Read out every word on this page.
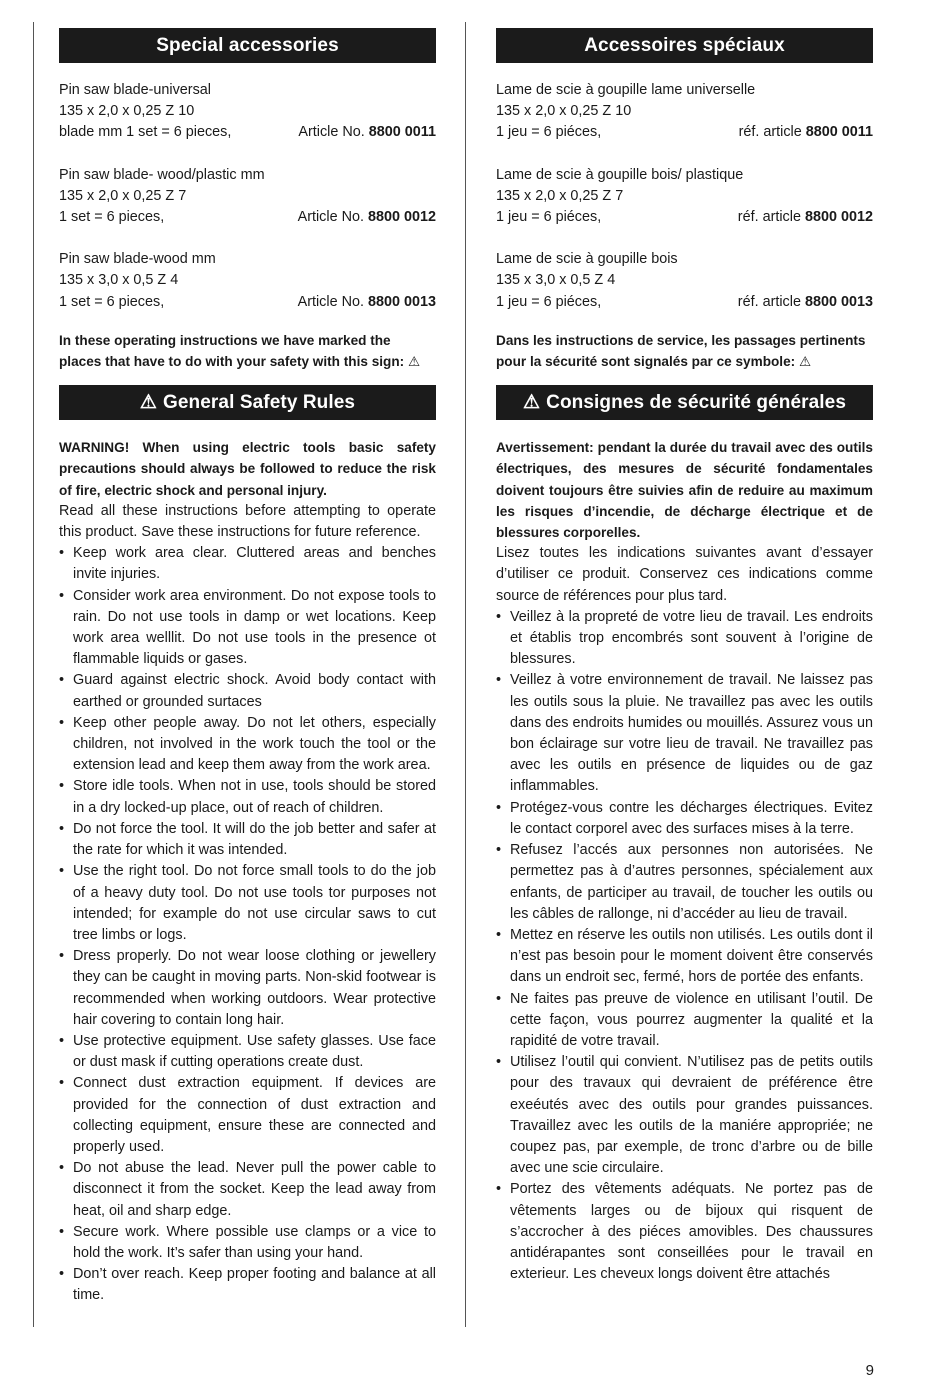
Special accessories
Pin saw blade-universal
135 x 2,0 x 0,25 Z 10
blade mm 1 set = 6 pieces,	Article No. 8800 0011
Pin saw blade- wood/plastic mm
135 x 2,0 x 0,25 Z 7
1 set = 6 pieces,	Article No. 8800 0012
Pin saw blade-wood mm
135 x 3,0 x 0,5 Z 4
1 set = 6 pieces,	Article No. 8800 0013
In these operating instructions we have marked the places that have to do with your safety with this sign: ⚠
⚠ General Safety Rules
WARNING! When using electric tools basic safety precautions should always be followed to reduce the risk of fire, electric shock and personal injury.
Read all these instructions before attempting to operate this product. Save these instructions for future reference.
• Keep work area clear. Cluttered areas and benches invite injuries.
• Consider work area environment. Do not expose tools to rain. Do not use tools in damp or wet locations. Keep work area welllit. Do not use tools in the presence ot flammable liquids or gases.
• Guard against electric shock. Avoid body contact with earthed or grounded surtaces
• Keep other people away. Do not let others, especially children, not involved in the work touch the tool or the extension lead and keep them away from the work area.
• Store idle tools. When not in use, tools should be stored in a dry locked-up place, out of reach of children.
• Do not force the tool. It will do the job better and safer at the rate for which it was intended.
• Use the right tool. Do not force small tools to do the job of a heavy duty tool. Do not use tools tor purposes not intended; for example do not use circular saws to cut tree limbs or logs.
• Dress properly. Do not wear loose clothing or jewellery they can be caught in moving parts. Non-skid footwear is recommended when working outdoors. Wear protective hair covering to contain long hair.
• Use protective equipment. Use safety glasses. Use face or dust mask if cutting operations create dust.
• Connect dust extraction equipment. If devices are provided for the connection of dust extraction and collecting equipment, ensure these are connected and properly used.
• Do not abuse the lead. Never pull the power cable to disconnect it from the socket. Keep the lead away from heat, oil and sharp edge.
• Secure work. Where possible use clamps or a vice to hold the work. It’s safer than using your hand.
• Don’t over reach. Keep proper footing and balance at all time.
Accessoires spéciaux
Lame de scie à goupille lame universelle
135 x 2,0 x 0,25 Z 10
1 jeu = 6 piéces,	réf. article 8800 0011
Lame de scie à goupille bois/ plastique
135 x 2,0 x 0,25 Z 7
1 jeu = 6 piéces,	réf. article 8800 0012
Lame de scie à goupille bois
135 x 3,0 x 0,5 Z 4
1 jeu = 6 piéces,	réf. article 8800 0013
Dans les instructions de service, les passages pertinents pour la sécurité sont signalés par ce symbole: ⚠
⚠ Consignes de sécurité générales
Avertissement: pendant la durée du travail avec des outils électriques, des mesures de sécurité fondamentales doivent toujours être suivies afin de reduire au maximum les risques d’incendie, de décharge électrique et de blessures corporelles.
Lisez toutes les indications suivantes avant d’essayer d’utiliser ce produit. Conservez ces indications comme source de références pour plus tard.
• Veillez à la propreté de votre lieu de travail. Les endroits et établis trop encombrés sont souvent à l’origine de blessures.
• Veillez à votre environnement de travail. Ne laissez pas les outils sous la pluie. Ne travaillez pas avec les outils dans des endroits humides ou mouillés. Assurez vous un bon éclairage sur votre lieu de travail. Ne travaillez pas avec les outils en présence de liquides ou de gaz inflammables.
• Protégez-vous contre les décharges électriques. Evitez le contact corporel avec des surfaces mises à la terre.
• Refusez l’accés aux personnes non autorisées. Ne permettez pas à d’autres personnes, spécialement aux enfants, de participer au travail, de toucher les outils ou les câbles de rallonge, ni d’accéder au lieu de travail.
• Mettez en réserve les outils non utilisés. Les outils dont il n’est pas besoin pour le moment doivent être conservés dans un endroit sec, fermé, hors de portée des enfants.
• Ne faites pas preuve de violence en utilisant l’outil. De cette façon, vous pourrez augmenter la qualité et la rapidité de votre travail.
• Utilisez l’outil qui convient. N’utilisez pas de petits outils pour des travaux qui devraient de préférence être exeéutés avec des outils pour grandes puissances. Travaillez avec les outils de la maniére appropriée; ne coupez pas, par exemple, de tronc d’arbre ou de bille avec une scie circulaire.
• Portez des vêtements adéquats. Ne portez pas de vêtements larges ou de bijoux qui risquent de s’accrocher à des piéces amovibles. Des chaussures antidérapantes sont conseillées pour le travail en exterieur. Les cheveux longs doivent être attachés
9
